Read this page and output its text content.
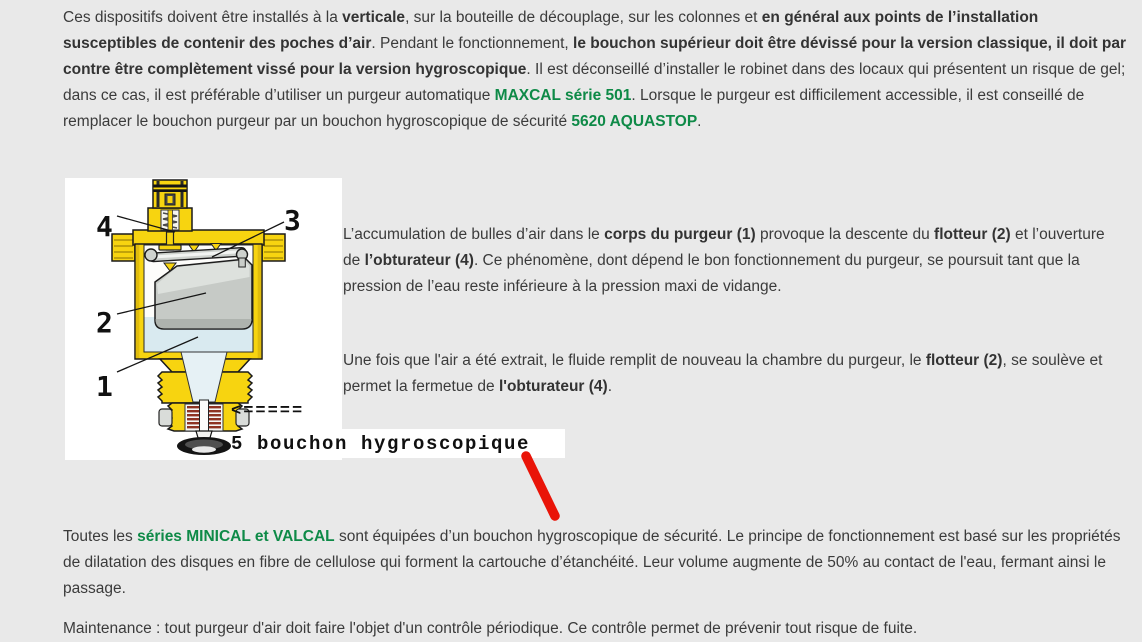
Ces dispositifs doivent être installés à la verticale, sur la bouteille de découplage, sur les colonnes et en général aux points de l’installation susceptibles de contenir des poches d’air. Pendant le fonctionnement, le bouchon supérieur doit être dévissé pour la version classique, il doit par contre être complètement vissé pour la version hygroscopique. Il est déconseillé d’installer le robinet dans des locaux qui présentent un risque de gel; dans ce cas, il est préférable d’utiliser un purgeur automatique MAXCAL série 501. Lorsque le purgeur est difficilement accessible, il est conseillé de remplacer le bouchon purgeur par un bouchon hygroscopique de sécurité 5620 AQUASTOP.

4	3
2
1
<=====
5 bouchon hygroscopique

L’accumulation de bulles d’air dans le corps du purgeur (1) provoque la descente du flotteur (2) et l’ouverture de l’obturateur (4). Ce phénomène, dont dépend le bon fonctionnement du purgeur, se poursuit tant que la pression de l’eau reste inférieure à la pression maxi de vidange.

Une fois que l'air a été extrait, le fluide remplit de nouveau la chambre du purgeur, le flotteur (2), se soulève et permet la fermetue de l'obturateur (4).

Toutes les séries MINICAL et VALCAL sont équipées d’un bouchon hygroscopique de sécurité. Le principe de fonctionnement est basé sur les propriétés de dilatation des disques en fibre de cellulose qui forment la cartouche d’étanchéité. Leur volume augmente de 50% au contact de l'eau, fermant ainsi le passage.

Maintenance : tout purgeur d'air doit faire l'objet d'un contrôle périodique. Ce contrôle permet de prévenir tout risque de fuite.
